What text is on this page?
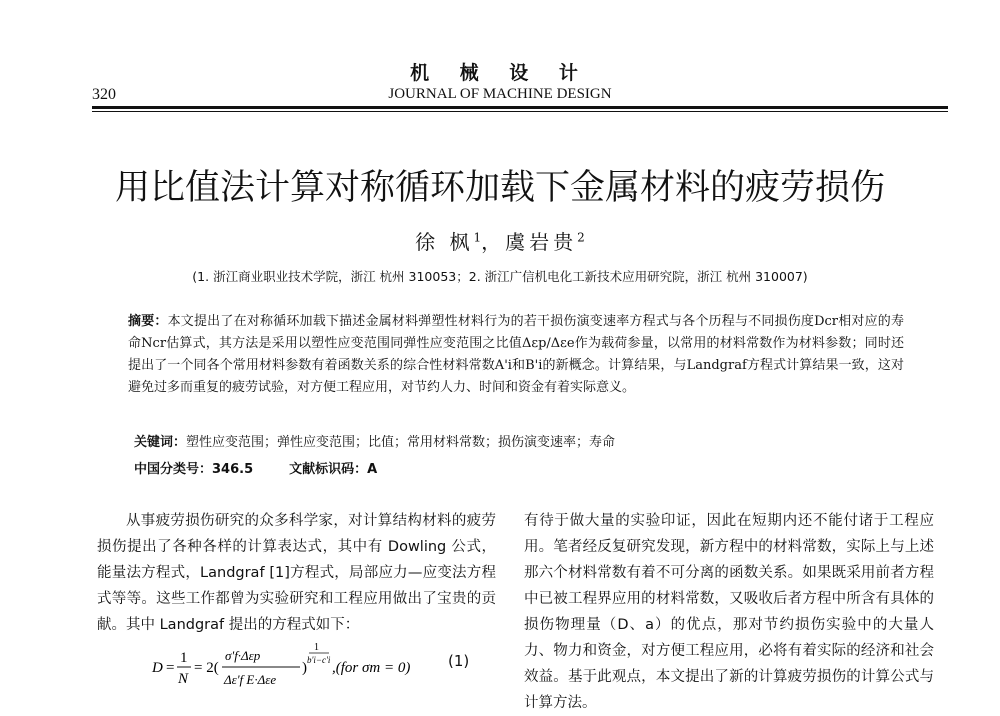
机 械 设 计
320	JOURNAL OF MACHINE DESIGN
用比值法计算对称循环加载下金属材料的疲劳损伤
徐 枫$^1$，虞岩贵$^2$
(1. 浙江商业职业技术学院，浙江 杭州 310053；2. 浙江广信机电化工新技术应用研究院，浙江 杭州 310007)
摘要：本文提出了在对称循环加载下描述金属材料弹塑性材料行为的若干损伤演变速率方程式与各个历程与不同损伤度Dcr相对应的寿命Ncr估算式，其方法是采用以塑性应变范围同弹性应变范围之比值Δεp/Δεe作为载荷参量，以常用的材料常数作为材料参数；同时还提出了一个同各个常用材料参数有着函数关系的综合性材料常数A'i和B'i的新概念。计算结果，与Landgraf方程式计算结果一致，这对避免过多而重复的疲劳试验，对方便工程应用，对节约人力、时间和资金有着实际意义。
关键词：塑性应变范围；弹性应变范围；比值；常用材料常数；损伤演变速率；寿命
中国分类号：346.5	文献标识码：A
从事疲劳损伤研究的众多科学家，对计算结构材料的疲劳损伤提出了各种各样的计算表达式，其中有 Dowling 公式，能量法方程式，Landgraf [1]方程式，局部应力—应变法方程式等等。这些工作都曾为实验研究和工程应用做出了宝贵的贡献。其中 Landgraf 提出的方程式如下：
有待于做大量的实验印证，因此在短期内还不能付诸于工程应用。笔者经反复研究发现，新方程中的材料常数，实际上与上述那六个材料常数有着不可分离的函数关系。如果既采用前者方程中已被工程界应用的材料常数，又吸收后者方程中所含有具体的损伤物理量（D、a）的优点，那对节约损伤实验中的大量人力、物力和资金，对方便工程应用，必将有着实际的经济和社会效益。基于此观点，本文提出了新的计算疲劳损伤的计算公式与计算方法。
D =
1
N
= 2(
σ'f·Δεp
Δε'f E·Δεe
)
1
b'i−c'i ,(for σm = 0)	(1)
